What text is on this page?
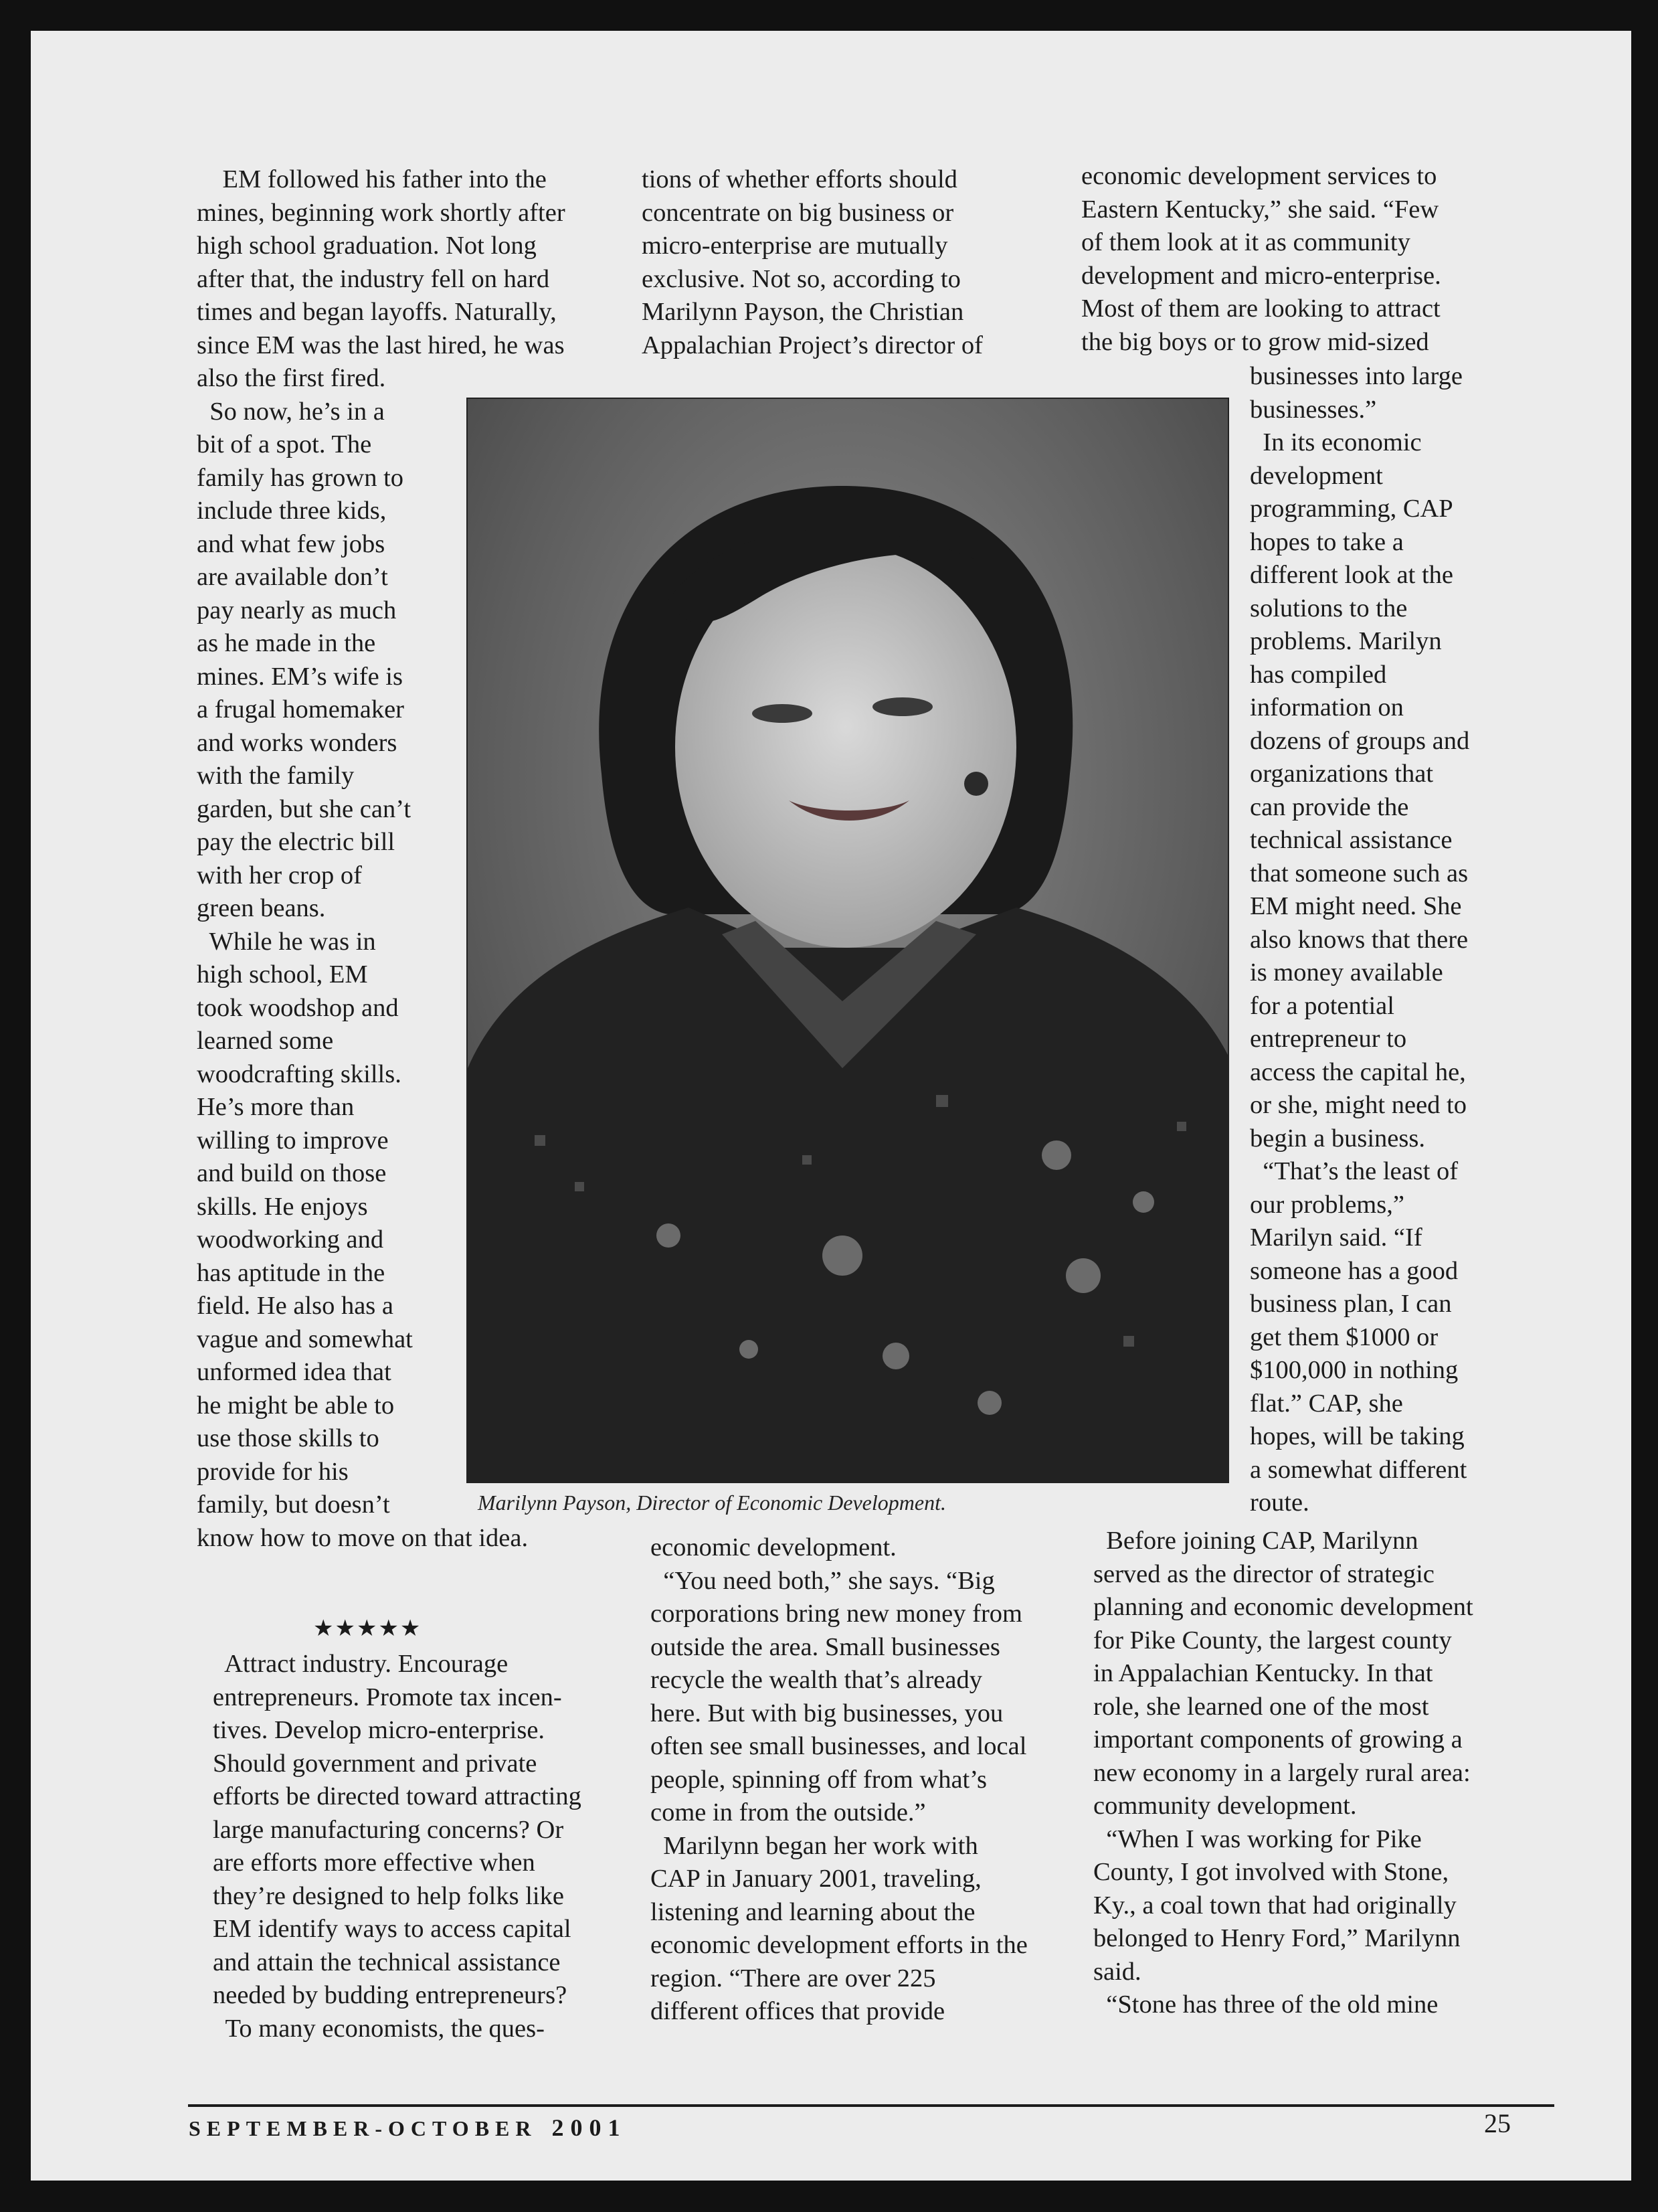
EM followed his father into the
mines, beginning work shortly after
high school graduation. Not long
after that, the industry fell on hard
times and began layoffs. Naturally,
since EM was the last hired, he was
also the first fired.
So now, he’s in a
bit of a spot. The
family has grown to
include three kids,
and what few jobs
are available don’t
pay nearly as much
as he made in the
mines. EM’s wife is
a frugal homemaker
and works wonders
with the family
garden, but she can’t
pay the electric bill
with her crop of
green beans.
While he was in
high school, EM
took woodshop and
learned some
woodcrafting skills.
He’s more than
willing to improve
and build on those
skills. He enjoys
woodworking and
has aptitude in the
field. He also has a
vague and somewhat
unformed idea that
he might be able to
use those skills to
provide for his
family, but doesn’t
know how to move on that idea.
★★★★★
Attract industry. Encourage
entrepreneurs. Promote tax incen-
tives. Develop micro-enterprise.
Should government and private
efforts be directed toward attracting
large manufacturing concerns? Or
are efforts more effective when
they’re designed to help folks like
EM identify ways to access capital
and attain the technical assistance
needed by budding entrepreneurs?
To many economists, the ques-
tions of whether efforts should
concentrate on big business or
micro-enterprise are mutually
exclusive. Not so, according to
Marilynn Payson, the Christian
Appalachian Project’s director of
economic development.
“You need both,” she says. “Big
corporations bring new money from
outside the area. Small businesses
recycle the wealth that’s already
here. But with big businesses, you
often see small businesses, and local
people, spinning off from what’s
come in from the outside.”
Marilynn began her work with
CAP in January 2001, traveling,
listening and learning about the
economic development efforts in the
region. “There are over 225
different offices that provide
economic development services to
Eastern Kentucky,” she said. “Few
of them look at it as community
development and micro-enterprise.
Most of them are looking to attract
the big boys or to grow mid-sized
businesses into large
businesses.”
In its economic
development
programming, CAP
hopes to take a
different look at the
solutions to the
problems. Marilyn
has compiled
information on
dozens of groups and
organizations that
can provide the
technical assistance
that someone such as
EM might need. She
also knows that there
is money available
for a potential
entrepreneur to
access the capital he,
or she, might need to
begin a business.
“That’s the least of
our problems,”
Marilyn said. “If
someone has a good
business plan, I can
get them $1000 or
$100,000 in nothing
flat.” CAP, she
hopes, will be taking
a somewhat different
route.
Before joining CAP, Marilynn
served as the director of strategic
planning and economic development
for Pike County, the largest county
in Appalachian Kentucky. In that
role, she learned one of the most
important components of growing a
new economy in a largely rural area:
community development.
“When I was working for Pike
County, I got involved with Stone,
Ky., a coal town that had originally
belonged to Henry Ford,” Marilynn
said.
“Stone has three of the old mine
Marilynn Payson, Director of Economic Development.
SEPTEMBER-OCTOBER 2001	25
